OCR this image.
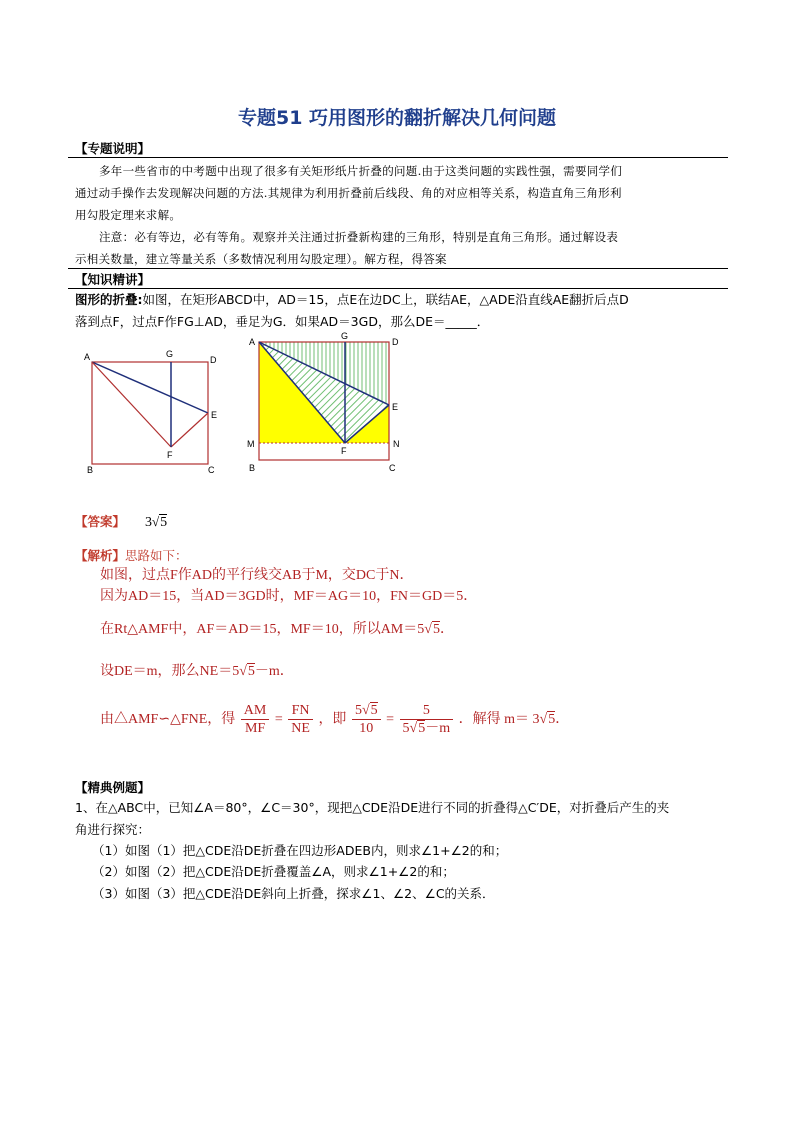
专题51 巧用图形的翻折解决几何问题
【专题说明】
多年一些省市的中考题中出现了很多有关矩形纸片折叠的问题.由于这类问题的实践性强，需要同学们
通过动手操作去发现解决问题的方法.其规律为利用折叠前后线段、角的对应相等关系，构造直角三角形利
用勾股定理来求解。
注意：必有等边，必有等角。观察并关注通过折叠新构建的三角形，特别是直角三角形。通过解设表
示相关数量，建立等量关系（多数情况利用勾股定理）。解方程，得答案
【知识精讲】
图形的折叠:如图，在矩形ABCD中，AD＝15，点E在边DC上，联结AE，△ADE沿直线AE翻折后点D
落到点F，过点F作FG⊥AD，垂足为G．如果AD＝3GD，那么DE＝_____．
A	G
D
E
F
B	C
A
G
D
E
M	N
F
B	C
【答案】 3√5
【解析】思路如下：
如图，过点F作AD的平行线交AB于M，交DC于N．
因为AD＝15，当AD＝3GD时，MF＝AG＝10，FN＝GD＝5．
在Rt△AMF中，AF＝AD＝15，MF＝10，所以AM＝5√5．
设DE＝m，那么NE＝5√5－m．
由△AMF∽△FNE，得 $\frac{AM}{MF} = \frac{FN}{NE}$ ，即 $\frac{5√5}{10} = \frac{5}{5√5-m}$ ．解得 m＝ 3√5．
【精典例题】
1、在△ABC中，已知∠A＝80°，∠C＝30°，现把△CDE沿DE进行不同的折叠得△C′DE，对折叠后产生的夹
角进行探究：
（1）如图（1）把△CDE沿DE折叠在四边形ADEB内，则求∠1+∠2的和；
（2）如图（2）把△CDE沿DE折叠覆盖∠A，则求∠1+∠2的和；
（3）如图（3）把△CDE沿DE斜向上折叠，探求∠1、∠2、∠C的关系．
